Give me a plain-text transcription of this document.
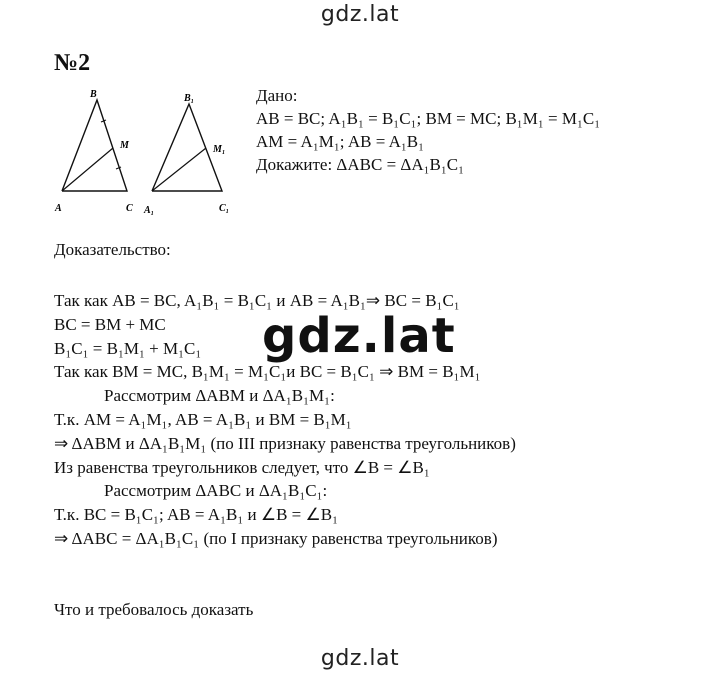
gdz.lat
№2
B
M
A	C
B₁
M₁
A₁	C₁
Дано:
AB = BC; A₁B₁ = B₁C₁; BM = MC; B₁M₁ = M₁C₁
AM = A₁M₁; AB = A₁B₁
Докажите: ΔABC = ΔA₁B₁C₁
Доказательство:
gdz.lat
Так как AB = BC, A₁B₁ = B₁C₁ и AB = A₁B₁⇒ BC = B₁C₁
BC = BM + MC
B₁C₁ = B₁M₁ + M₁C₁
Так как BM = MC, B₁M₁ = M₁C₁и BC = B₁C₁ ⇒ BM = B₁M₁
Рассмотрим ΔABM и ΔA₁B₁M₁:
Т.к. AM = A₁M₁, AB = A₁B₁ и BM = B₁M₁
⇒ ΔABM и ΔA₁B₁M₁ (по III признаку равенства треугольников)
Из равенства треугольников следует, что ∠B = ∠B₁
Рассмотрим ΔABC и ΔA₁B₁C₁:
Т.к. BC = B₁C₁; AB = A₁B₁ и ∠B = ∠B₁
⇒ ΔABC = ΔA₁B₁C₁ (по I признаку равенства треугольников)
Что и требовалось доказать
gdz.lat
